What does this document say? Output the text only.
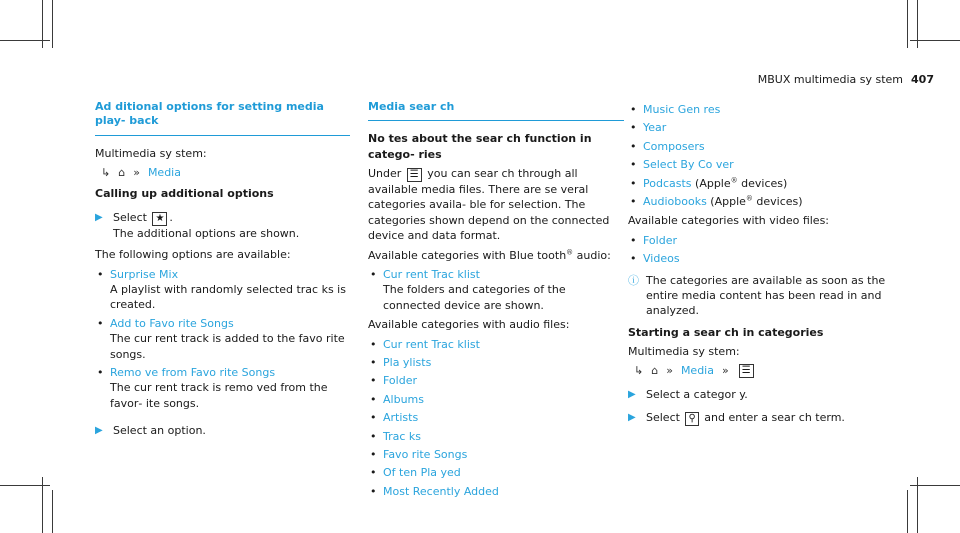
MBUX multimedia sy stem 407
Ad ditional options for setting media play‐ back

Multimedia sy stem:

↳ ⌂ » Media

Calling up additional options

▶ Select ★ .
The additional options are shown.

The following options are available:

• Surprise Mix
A playlist with randomly selected trac ks is created.
• Add to Favo rite Songs
The cur rent track is added to the favo rite songs.
• Remo ve from Favo rite Songs
The cur rent track is remo ved from the favor‐ ite songs.
▶ Select an option.
Media sear ch

No tes about the sear ch function in catego‐ ries

Under ☰ you can sear ch through all available media files. There are se veral categories availa‐ ble for selection. The categories shown depend on the connected device and data format.

Available categories with Blue tooth® audio:

• Cur rent Trac klist
The folders and categories of the connected device are shown.

Available categories with audio files:

• Cur rent Trac klist
• Pla ylists
• Folder
• Albums
• Artists
• Trac ks
• Favo rite Songs
• Of ten Pla yed
• Most Recently Added
• Music Gen res
• Year
• Composers
• Select By Co ver
• Podcasts (Apple® devices)
• Audiobooks (Apple® devices)

Available categories with video files:

• Folder
• Videos
ⓘ The categories are available as soon as the entire media content has been read in and analyzed.

Starting a sear ch in categories

Multimedia sy stem:

↳ ⌂ » Media »	☰
▶ Select a categor y.
▶ Select ⚲ and enter a sear ch term.
